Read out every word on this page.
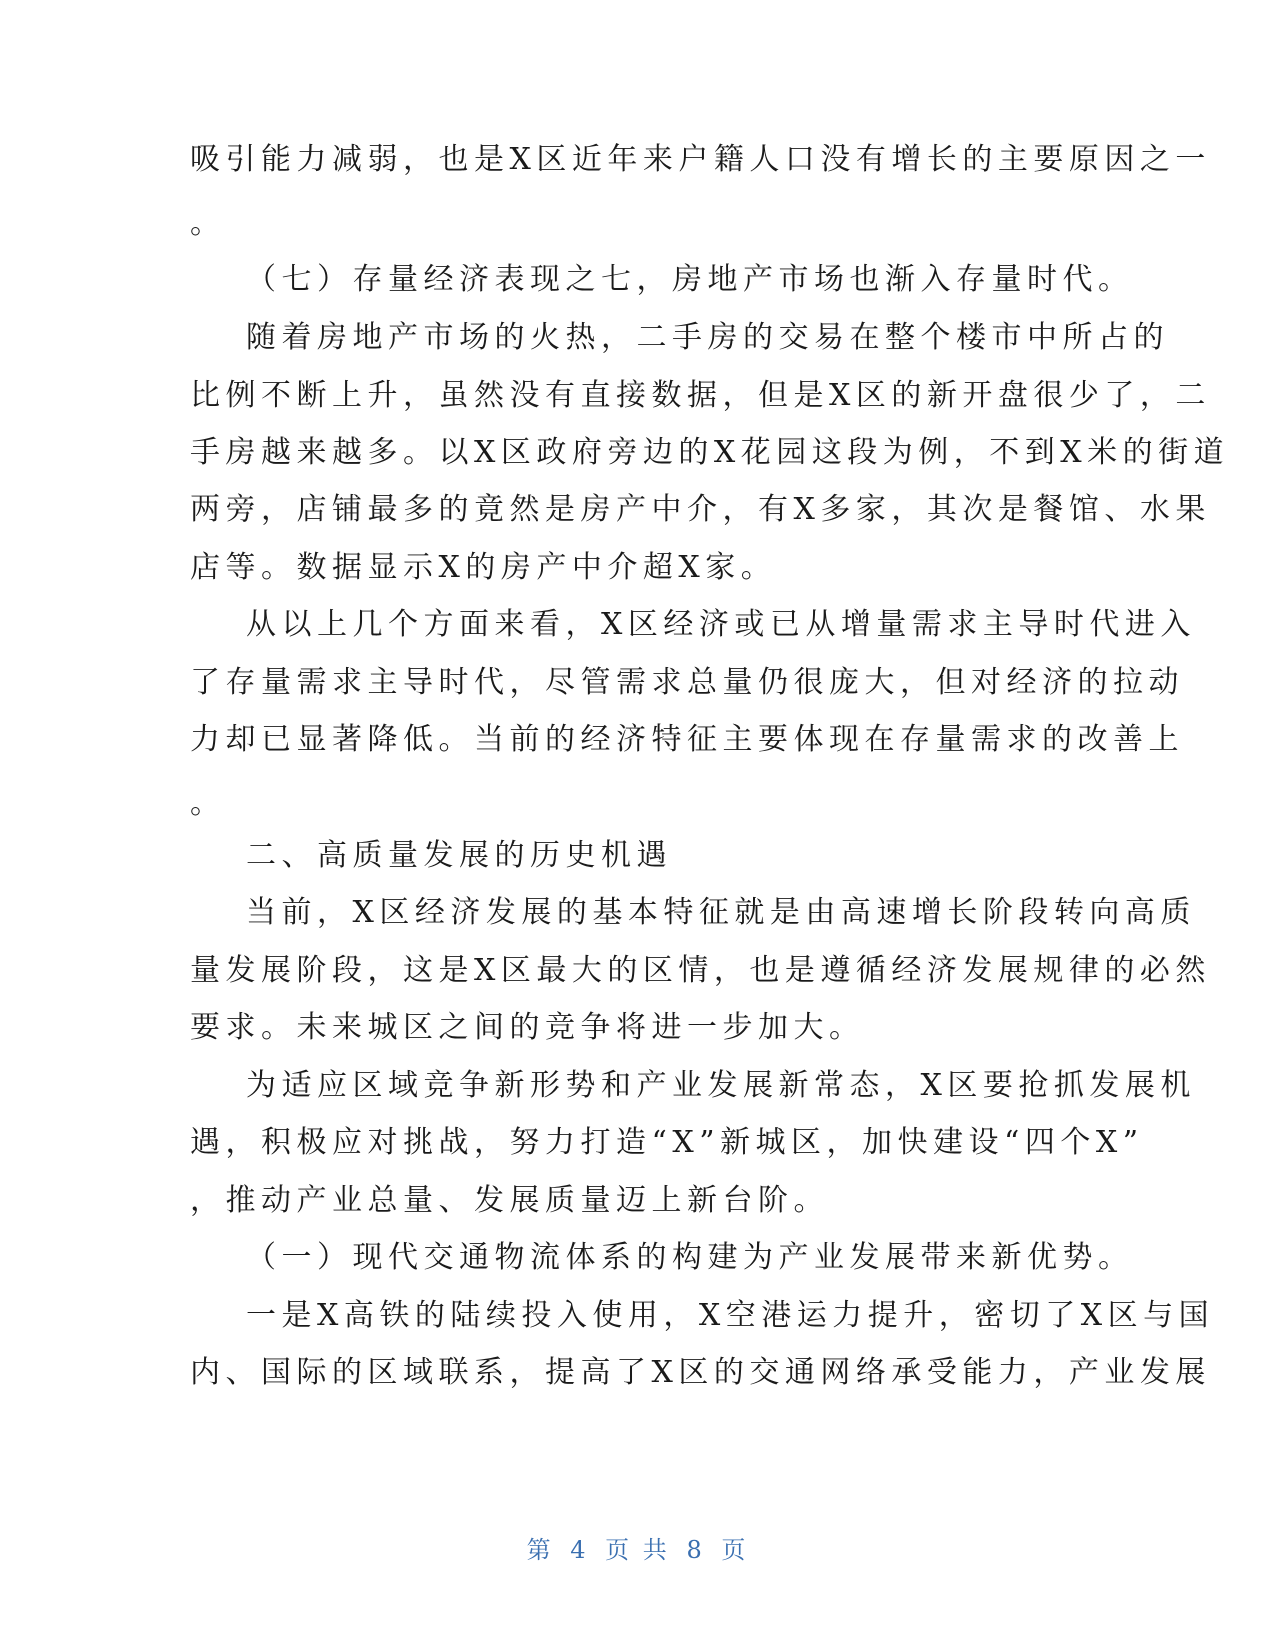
吸引能力减弱，也是X区近年来户籍人口没有增长的主要原因之一
。
（七）存量经济表现之七，房地产市场也渐入存量时代。
随着房地产市场的火热，二手房的交易在整个楼市中所占的
比例不断上升，虽然没有直接数据，但是X区的新开盘很少了，二
手房越来越多。以X区政府旁边的X花园这段为例，不到X米的街道
两旁，店铺最多的竟然是房产中介，有X多家，其次是餐馆、水果
店等。数据显示X的房产中介超X家。
从以上几个方面来看，X区经济或已从增量需求主导时代进入
了存量需求主导时代，尽管需求总量仍很庞大，但对经济的拉动
力却已显著降低。当前的经济特征主要体现在存量需求的改善上
。
二、高质量发展的历史机遇
当前，X区经济发展的基本特征就是由高速增长阶段转向高质
量发展阶段，这是X区最大的区情，也是遵循经济发展规律的必然
要求。未来城区之间的竞争将进一步加大。
为适应区域竞争新形势和产业发展新常态，X区要抢抓发展机
遇，积极应对挑战，努力打造“X”新城区，加快建设“四个X”
，推动产业总量、发展质量迈上新台阶。
（一）现代交通物流体系的构建为产业发展带来新优势。
一是X高铁的陆续投入使用，X空港运力提升，密切了X区与国
内、国际的区域联系，提高了X区的交通网络承受能力，产业发展
第 4 页 共 8 页
